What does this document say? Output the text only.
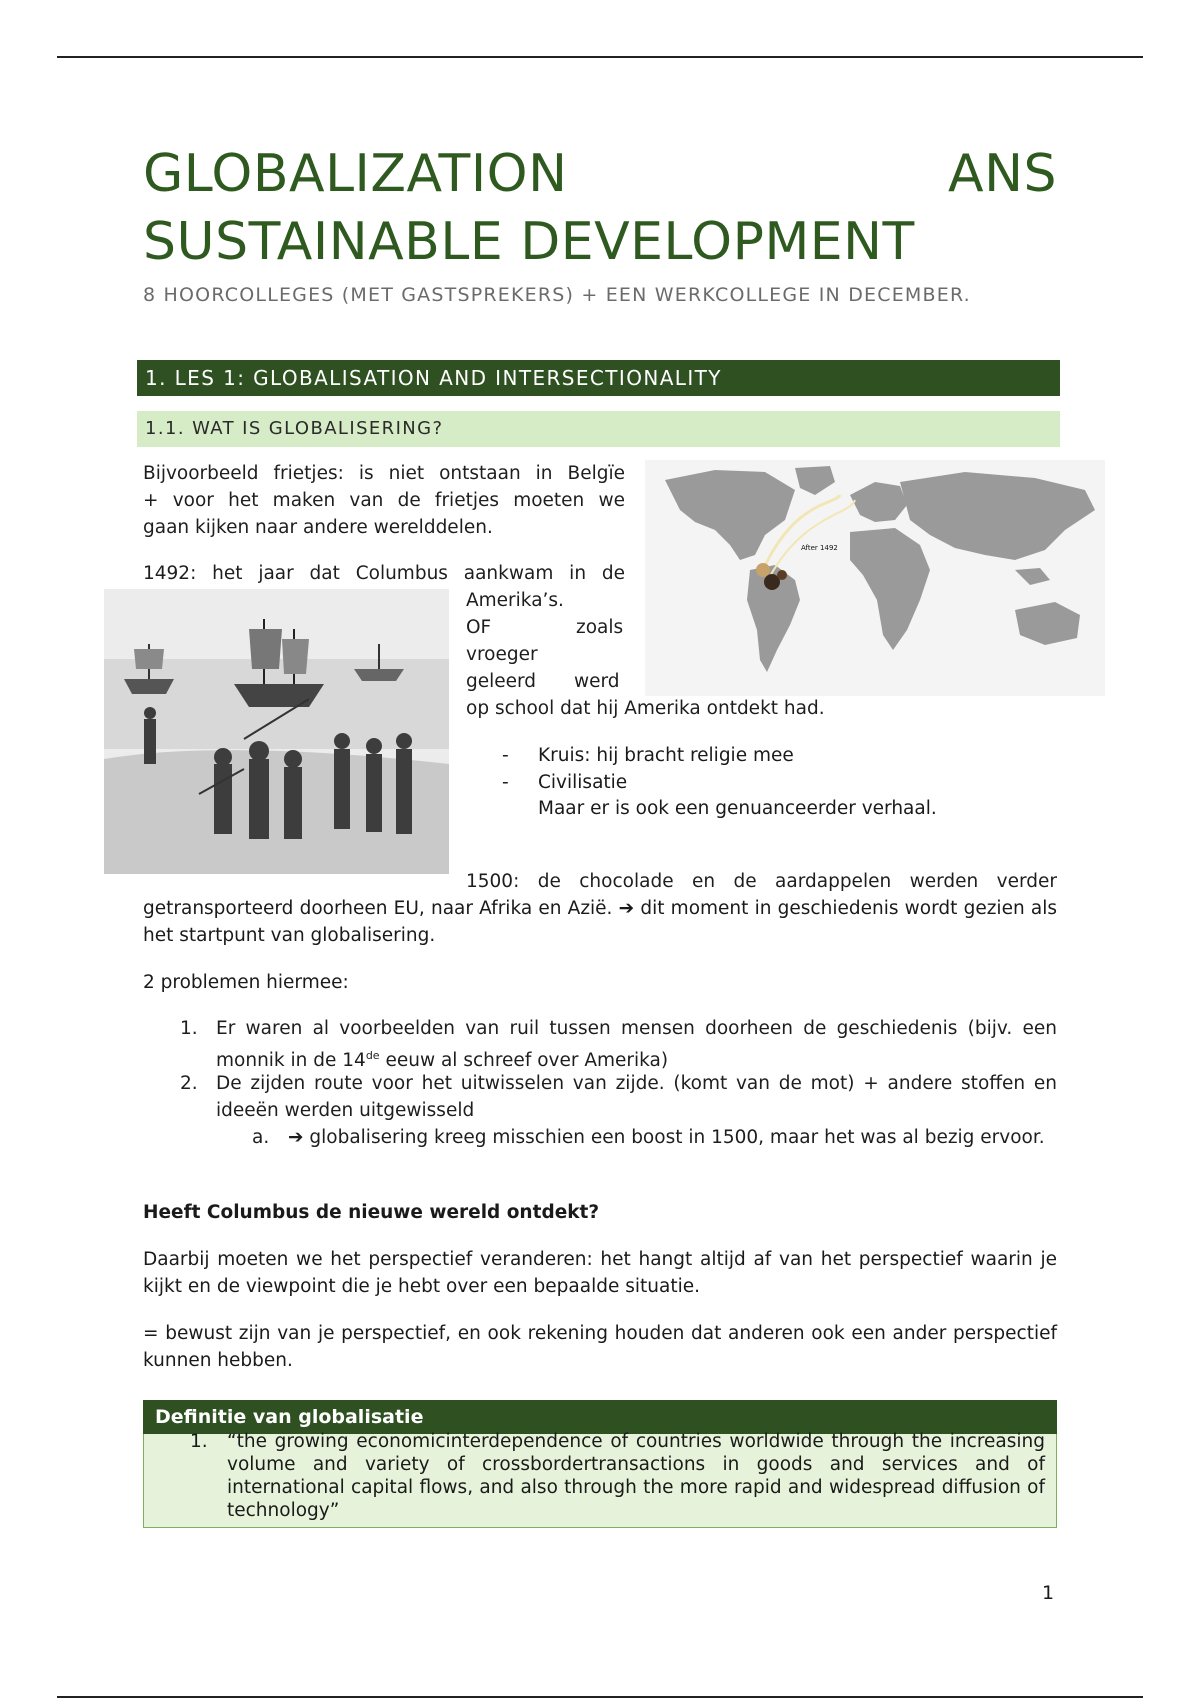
GLOBALIZATION	ANS
SUSTAINABLE DEVELOPMENT
8 HOORCOLLEGES (MET GASTSPREKERS) + EEN WERKCOLLEGE IN DECEMBER.
1. LES 1: GLOBALISATION AND INTERSECTIONALITY
1.1. WAT IS GLOBALISERING?
Bijvoorbeeld frietjes: is niet ontstaan in Belgïe
+ voor het maken van de frietjes moeten we
gaan kijken naar andere werelddelen.
After 1492
1492: het jaar dat Columbus aankwam in de
Amerika’s.
OF	zoals
vroeger
geleerd werd
op school dat hij Amerika ontdekt had.
- Kruis: hij bracht religie mee
- Civilisatie
Maar er is ook een genuanceerder verhaal.
1500: de chocolade en de aardappelen werden verder
getransporteerd doorheen EU, naar Afrika en Azië. ➔ dit moment in geschiedenis wordt gezien als het startpunt van globalisering.
2 problemen hiermee:
1. Er waren al voorbeelden van ruil tussen mensen doorheen de geschiedenis (bijv. een monnik in de 14de eeuw al schreef over Amerika)
2. De zijden route voor het uitwisselen van zijde. (komt van de mot) + andere stoffen en ideeën werden uitgewisseld
a. ➔ globalisering kreeg misschien een boost in 1500, maar het was al bezig ervoor.
Heeft Columbus de nieuwe wereld ontdekt?
Daarbij moeten we het perspectief veranderen: het hangt altijd af van het perspectief waarin je kijkt en de viewpoint die je hebt over een bepaalde situatie.
= bewust zijn van je perspectief, en ook rekening houden dat anderen ook een ander perspectief kunnen hebben.
Definitie van globalisatie
1. “the growing economicinterdependence of countries worldwide through the increasing volume and variety of crossbordertransactions in goods and services and of international capital flows, and also through the more rapid and widespread diffusion of technology”
1
